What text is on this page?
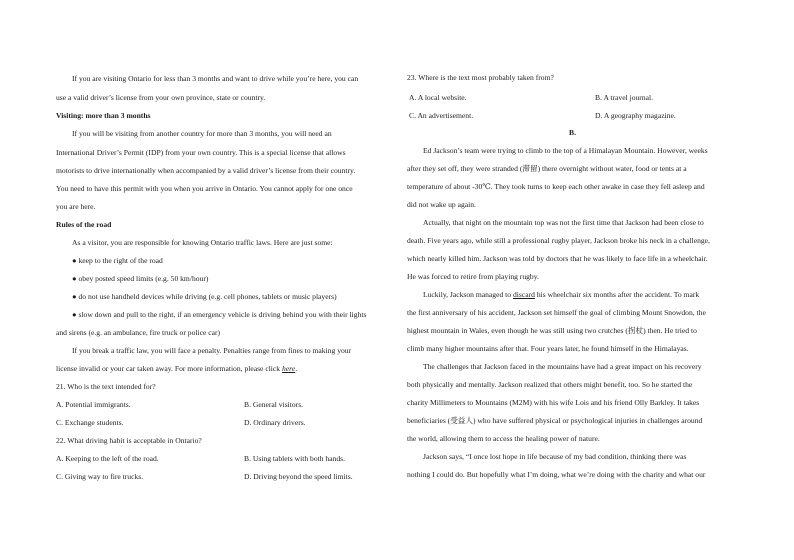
If you are visiting Ontario for less than 3 months and want to drive while you’re here, you can
use a valid driver’s license from your own province, state or country.
Visiting: more than 3 months
If you will be visiting from another country for more than 3 months, you will need an
International Driver’s Permit (IDP) from your own country. This is a special license that allows
motorists to drive internationally when accompanied by a valid driver’s license from their country.
You need to have this permit with you when you arrive in Ontario. You cannot apply for one once
you are here.
Rules of the road
As a visitor, you are responsible for knowing Ontario traffic laws. Here are just some:
● keep to the right of the road
● obey posted speed limits (e.g. 50 km/hour)
● do not use handheld devices while driving (e.g. cell phones, tablets or music players)
● slow down and pull to the right, if an emergency vehicle is driving behind you with their lights
and sirens (e.g. an ambulance, fire truck or police car)
If you break a traffic law, you will face a penalty. Penalties range from fines to making your
license invalid or your car taken away. For more information, please click here.
21. Who is the text intended for?
A. Potential immigrants.	B. General visitors.
C. Exchange students.	D. Ordinary drivers.
22. What driving habit is acceptable in Ontario?
A. Keeping to the left of the road.	B. Using tablets with both hands.
C. Giving way to fire trucks.	D. Driving beyond the speed limits.
23. Where is the text most probably taken from?
A. A local website.	B. A travel journal.
C. An advertisement.	D. A geography magazine.
B.
Ed Jackson’s team were trying to climb to the top of a Himalayan Mountain. However, weeks
after they set off, they were stranded (滞留) there overnight without water, food or tents at a
temperature of about -30℃. They took turns to keep each other awake in case they fell asleep and
did not wake up again.
Actually, that night on the mountain top was not the first time that Jackson had been close to
death. Five years ago, while still a professional rugby player, Jackson broke his neck in a challenge,
which nearly killed him. Jackson was told by doctors that he was likely to face life in a wheelchair.
He was forced to retire from playing rugby.
Luckily, Jackson managed to discard his wheelchair six months after the accident. To mark
the first anniversary of his accident, Jackson set himself the goal of climbing Mount Snowdon, the
highest mountain in Wales, even though he was still using two crutches (拐杖) then. He tried to
climb many higher mountains after that. Four years later, he found himself in the Himalayas.
The challenges that Jackson faced in the mountains have had a great impact on his recovery
both physically and mentally. Jackson realized that others might benefit, too. So he started the
charity Millimeters to Mountains (M2M) with his wife Lois and his friend Olly Barkley. It takes
beneficiaries (受益人) who have suffered physical or psychological injuries in challenges around
the world, allowing them to access the healing power of nature.
Jackson says, “I once lost hope in life because of my bad condition, thinking there was
nothing I could do. But hopefully what I’m doing, what we’re doing with the charity and what our
